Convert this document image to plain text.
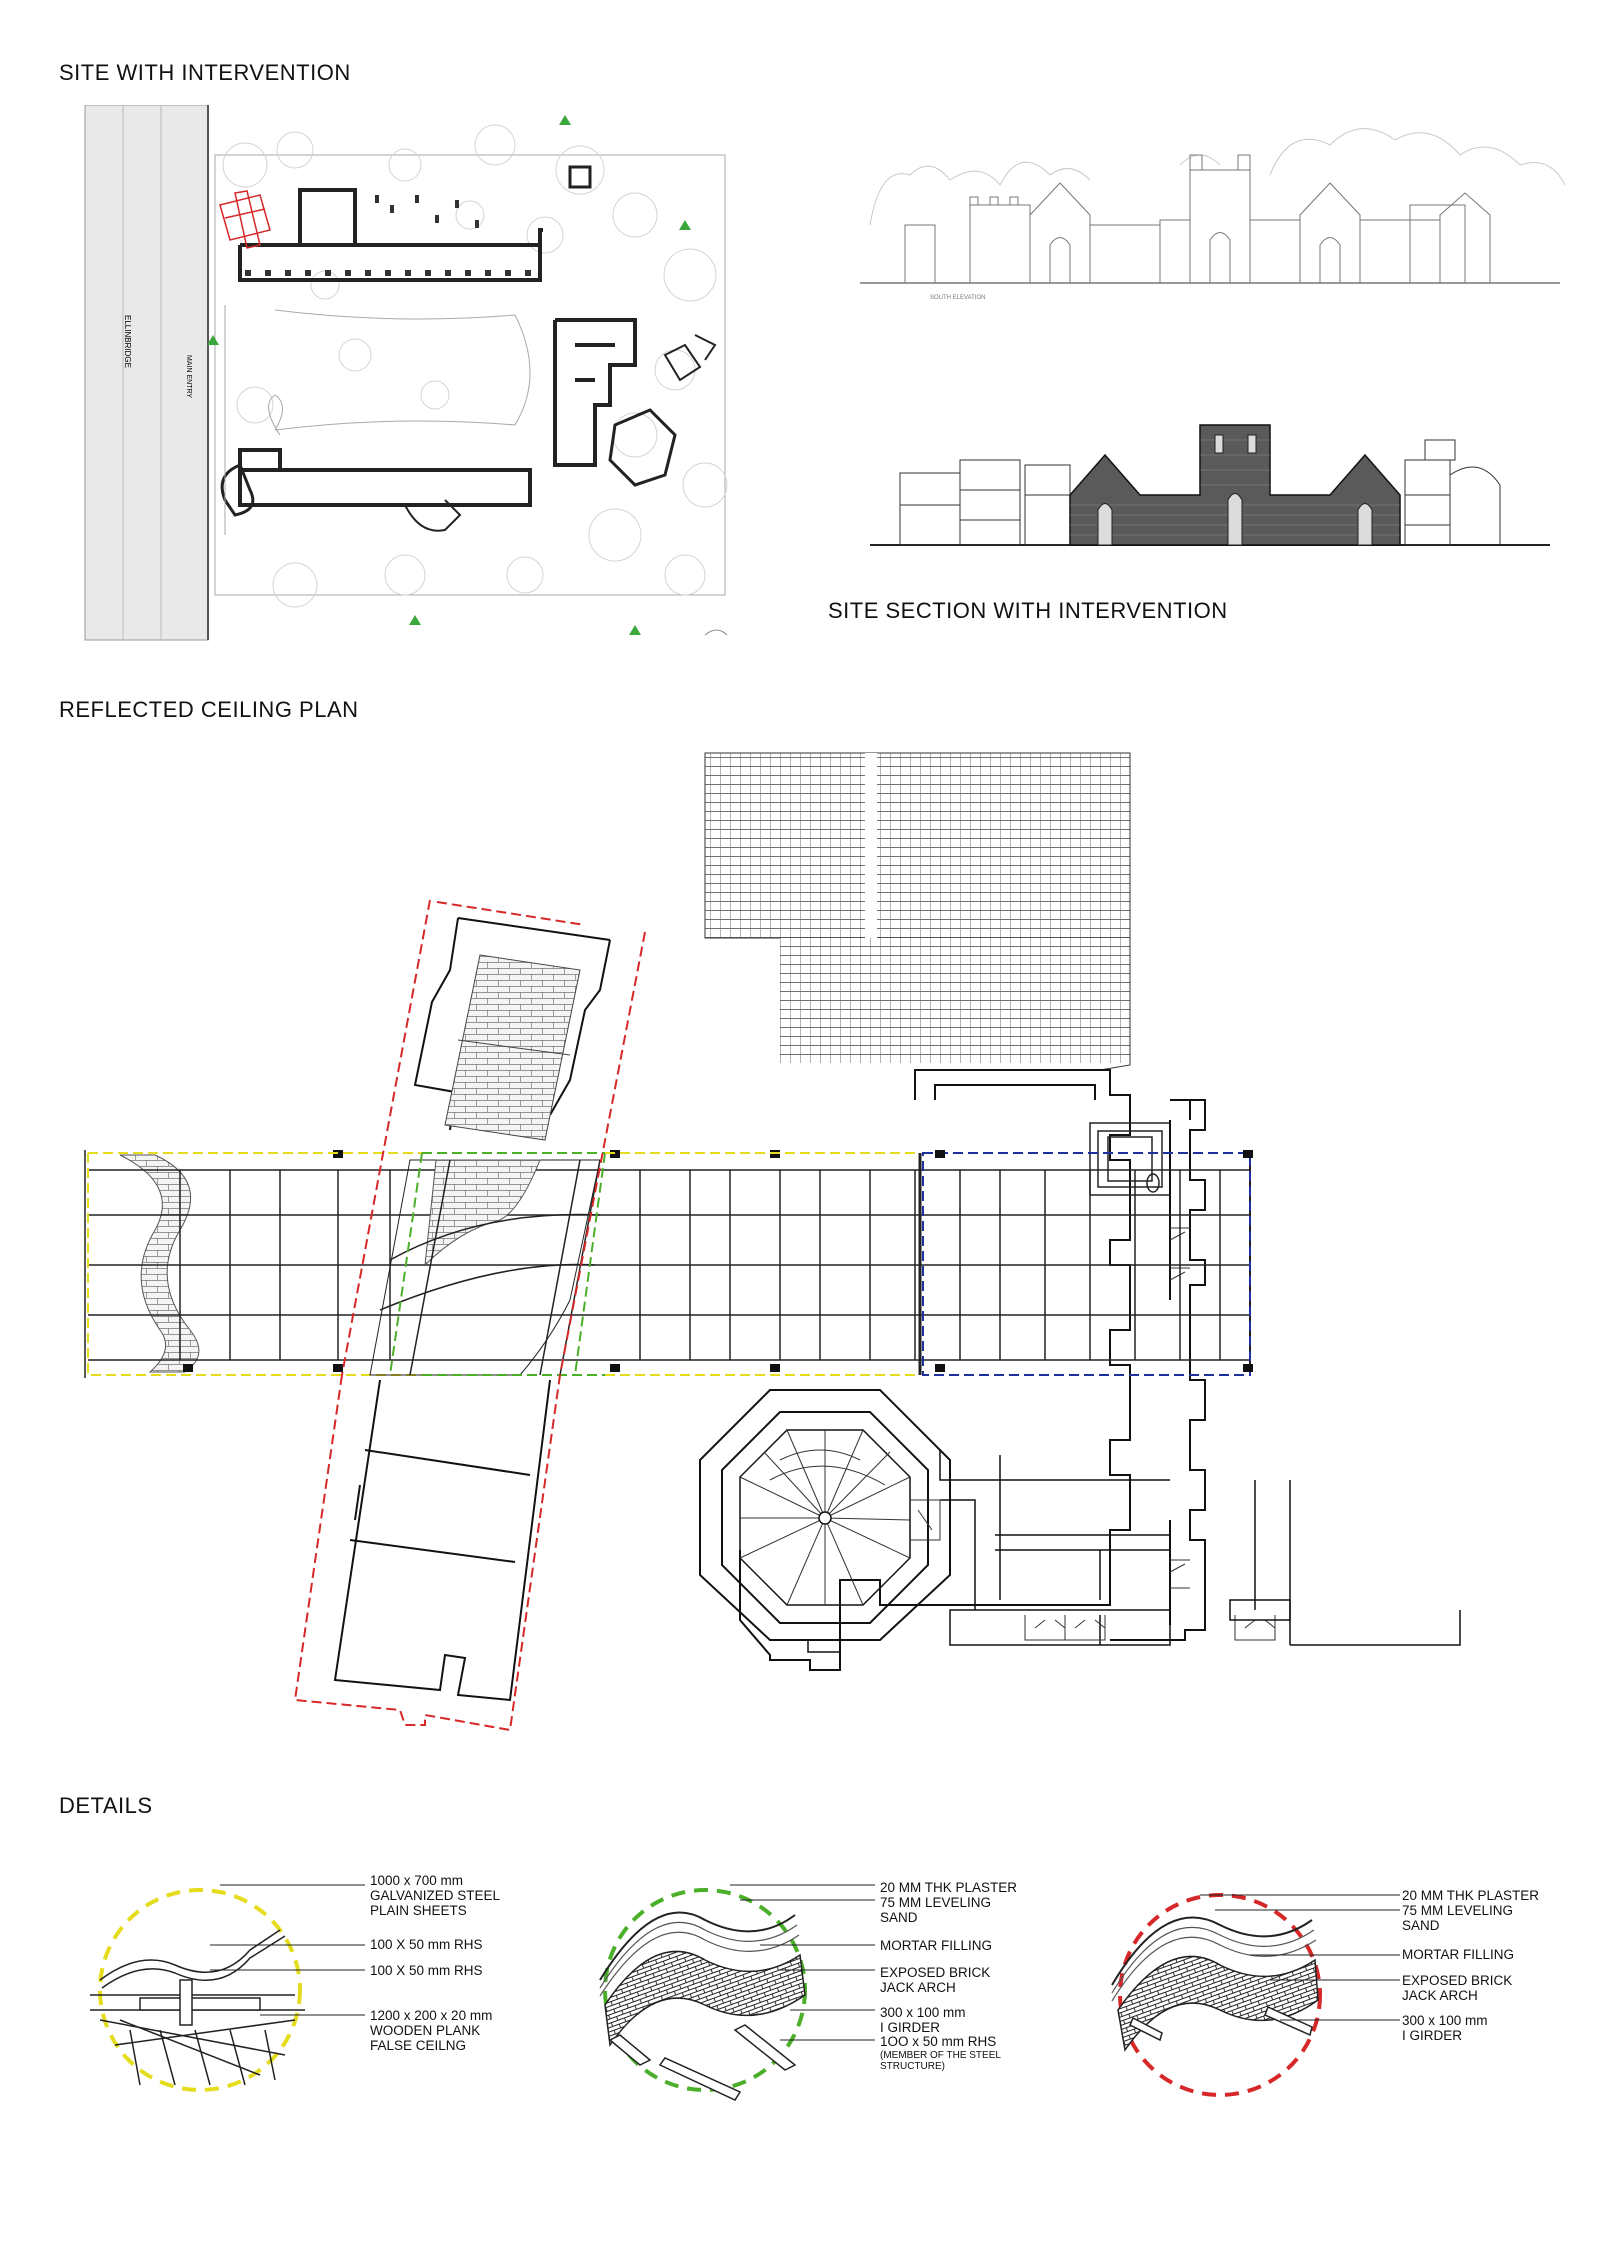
SITE WITH INTERVENTION
SITE SECTION WITH INTERVENTION
REFLECTED CEILING PLAN
DETAILS
ELLINBRIDGE
MAIN ENTRY
SOUTH ELEVATION
1000 x 700 mm
GALVANIZED STEEL
PLAIN SHEETS
100 X 50 mm RHS
100 X 50 mm RHS
1200 x 200 x 20 mm
WOODEN PLANK
FALSE CEILNG
20 MM THK PLASTER
75 MM LEVELING
SAND
MORTAR FILLING
EXPOSED BRICK
JACK ARCH
300 x 100 mm
I GIRDER
1OO x 50 mm RHS
(MEMBER OF THE STEEL
STRUCTURE)
20 MM THK PLASTER
75 MM LEVELING
SAND
MORTAR FILLING
EXPOSED BRICK
JACK ARCH
300 x 100 mm
I GIRDER
